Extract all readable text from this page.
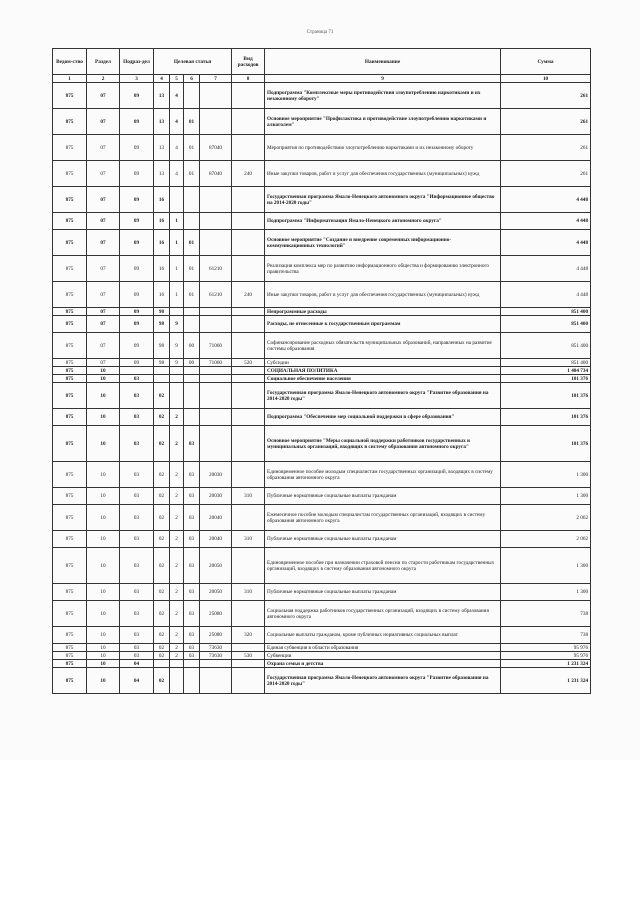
Страница 71
Ведом-ство	Раздел	Подраз-дел	Целевая статья				Вид расходов	Наименование	Сумма
1	2	3	4	5	6	7	8	9	10
875	07	09	13	4				Подпрограмма "Комплексные меры противодействия злоупотреблению наркотиками и их незаконному обороту"	261
875	07	09	13	4	01			Основное мероприятие "Профилактика и противодействие злоупотреблению наркотиками и алкоголем"	261
875	07	09	13	4	01	87040		Мероприятия по противодействию злоупотреблению наркотиками и их незаконному обороту	261
875	07	09	13	4	01	87040	240	Иные закупки товаров, работ и услуг для обеспечения государственных (муниципальных) нужд	261
875	07	09	16					Государственная программа Ямало-Ненецкого автономного округа "Информационное общество на 2014-2020 годы"	4 448
875	07	09	16	1				Подпрограмма "Информатизация Ямало-Ненецкого автономного округа"	4 448
875	07	09	16	1	01			Основное мероприятие "Создание и внедрение современных информационно-коммуникационных технологий"	4 448
875	07	09	16	1	01	61210		Реализация комплекса мер по развитию информационного общества и формированию электронного правительства	4 448
875	07	09	16	1	01	61210	240	Иные закупки товаров, работ и услуг для обеспечения государственных (муниципальных) нужд	4 448
875	07	09	98					Непрограммные расходы	851 400
875	07	09	98	9				Расходы, не отнесенные к государственным программам	851 400
875	07	09	98	9	00	71060		Софинансирование расходных обязательств муниципальных образований, направленных на развитие системы образования	851 400
875	07	09	98	9	00	71060	520	Субсидии	851 400
875	10							СОЦИАЛЬНАЯ ПОЛИТИКА	1 404 734
875	10	03						Социальное обеспечение населения	101 376
875	10	03	02					Государственная программа Ямало-Ненецкого автономного округа "Развитие образования на 2014-2020 годы"	101 376
875	10	03	02	2				Подпрограмма "Обеспечение мер социальной поддержки в сфере образования"	101 376
875	10	03	02	2	03			Основное мероприятие "Меры социальной поддержки работников государственных и муниципальных организаций, входящих в систему образования автономного округа"	101 376
875	10	03	02	2	03	20030		Единовременное пособие молодым специалистам государственных организаций, входящих в систему образования автономного округа	1 300
875	10	03	02	2	03	20030	310	Публичные нормативные социальные выплаты гражданам	1 300
875	10	03	02	2	03	20040		Ежемесячное пособие молодым специалистам государственных организаций, входящих в систему образования автономного округа	2 062
875	10	03	02	2	03	20040	310	Публичные нормативные социальные выплаты гражданам	2 062
875	10	03	02	2	03	20050		Единовременное пособие при назначении страховой пенсии по старости работникам государственных организаций, входящих в систему образования автономного округа	1 300
875	10	03	02	2	03	20050	310	Публичные нормативные социальные выплаты гражданам	1 300
875	10	03	02	2	03	25080		Социальная поддержка работников государственных организаций, входящих в систему образования автономного округа	738
875	10	03	02	2	03	25080	320	Социальные выплаты гражданам, кроме публичных нормативных социальных выплат	738
875	10	03	02	2	03	73630		Единая субвенция в области образования	95 976
875	10	03	02	2	03	73630	530	Субвенции	95 976
875	10	04						Охрана семьи и детства	1 231 324
875	10	04	02					Государственная программа Ямало-Ненецкого автономного округа "Развитие образования на 2014-2020 годы"	1 231 324
